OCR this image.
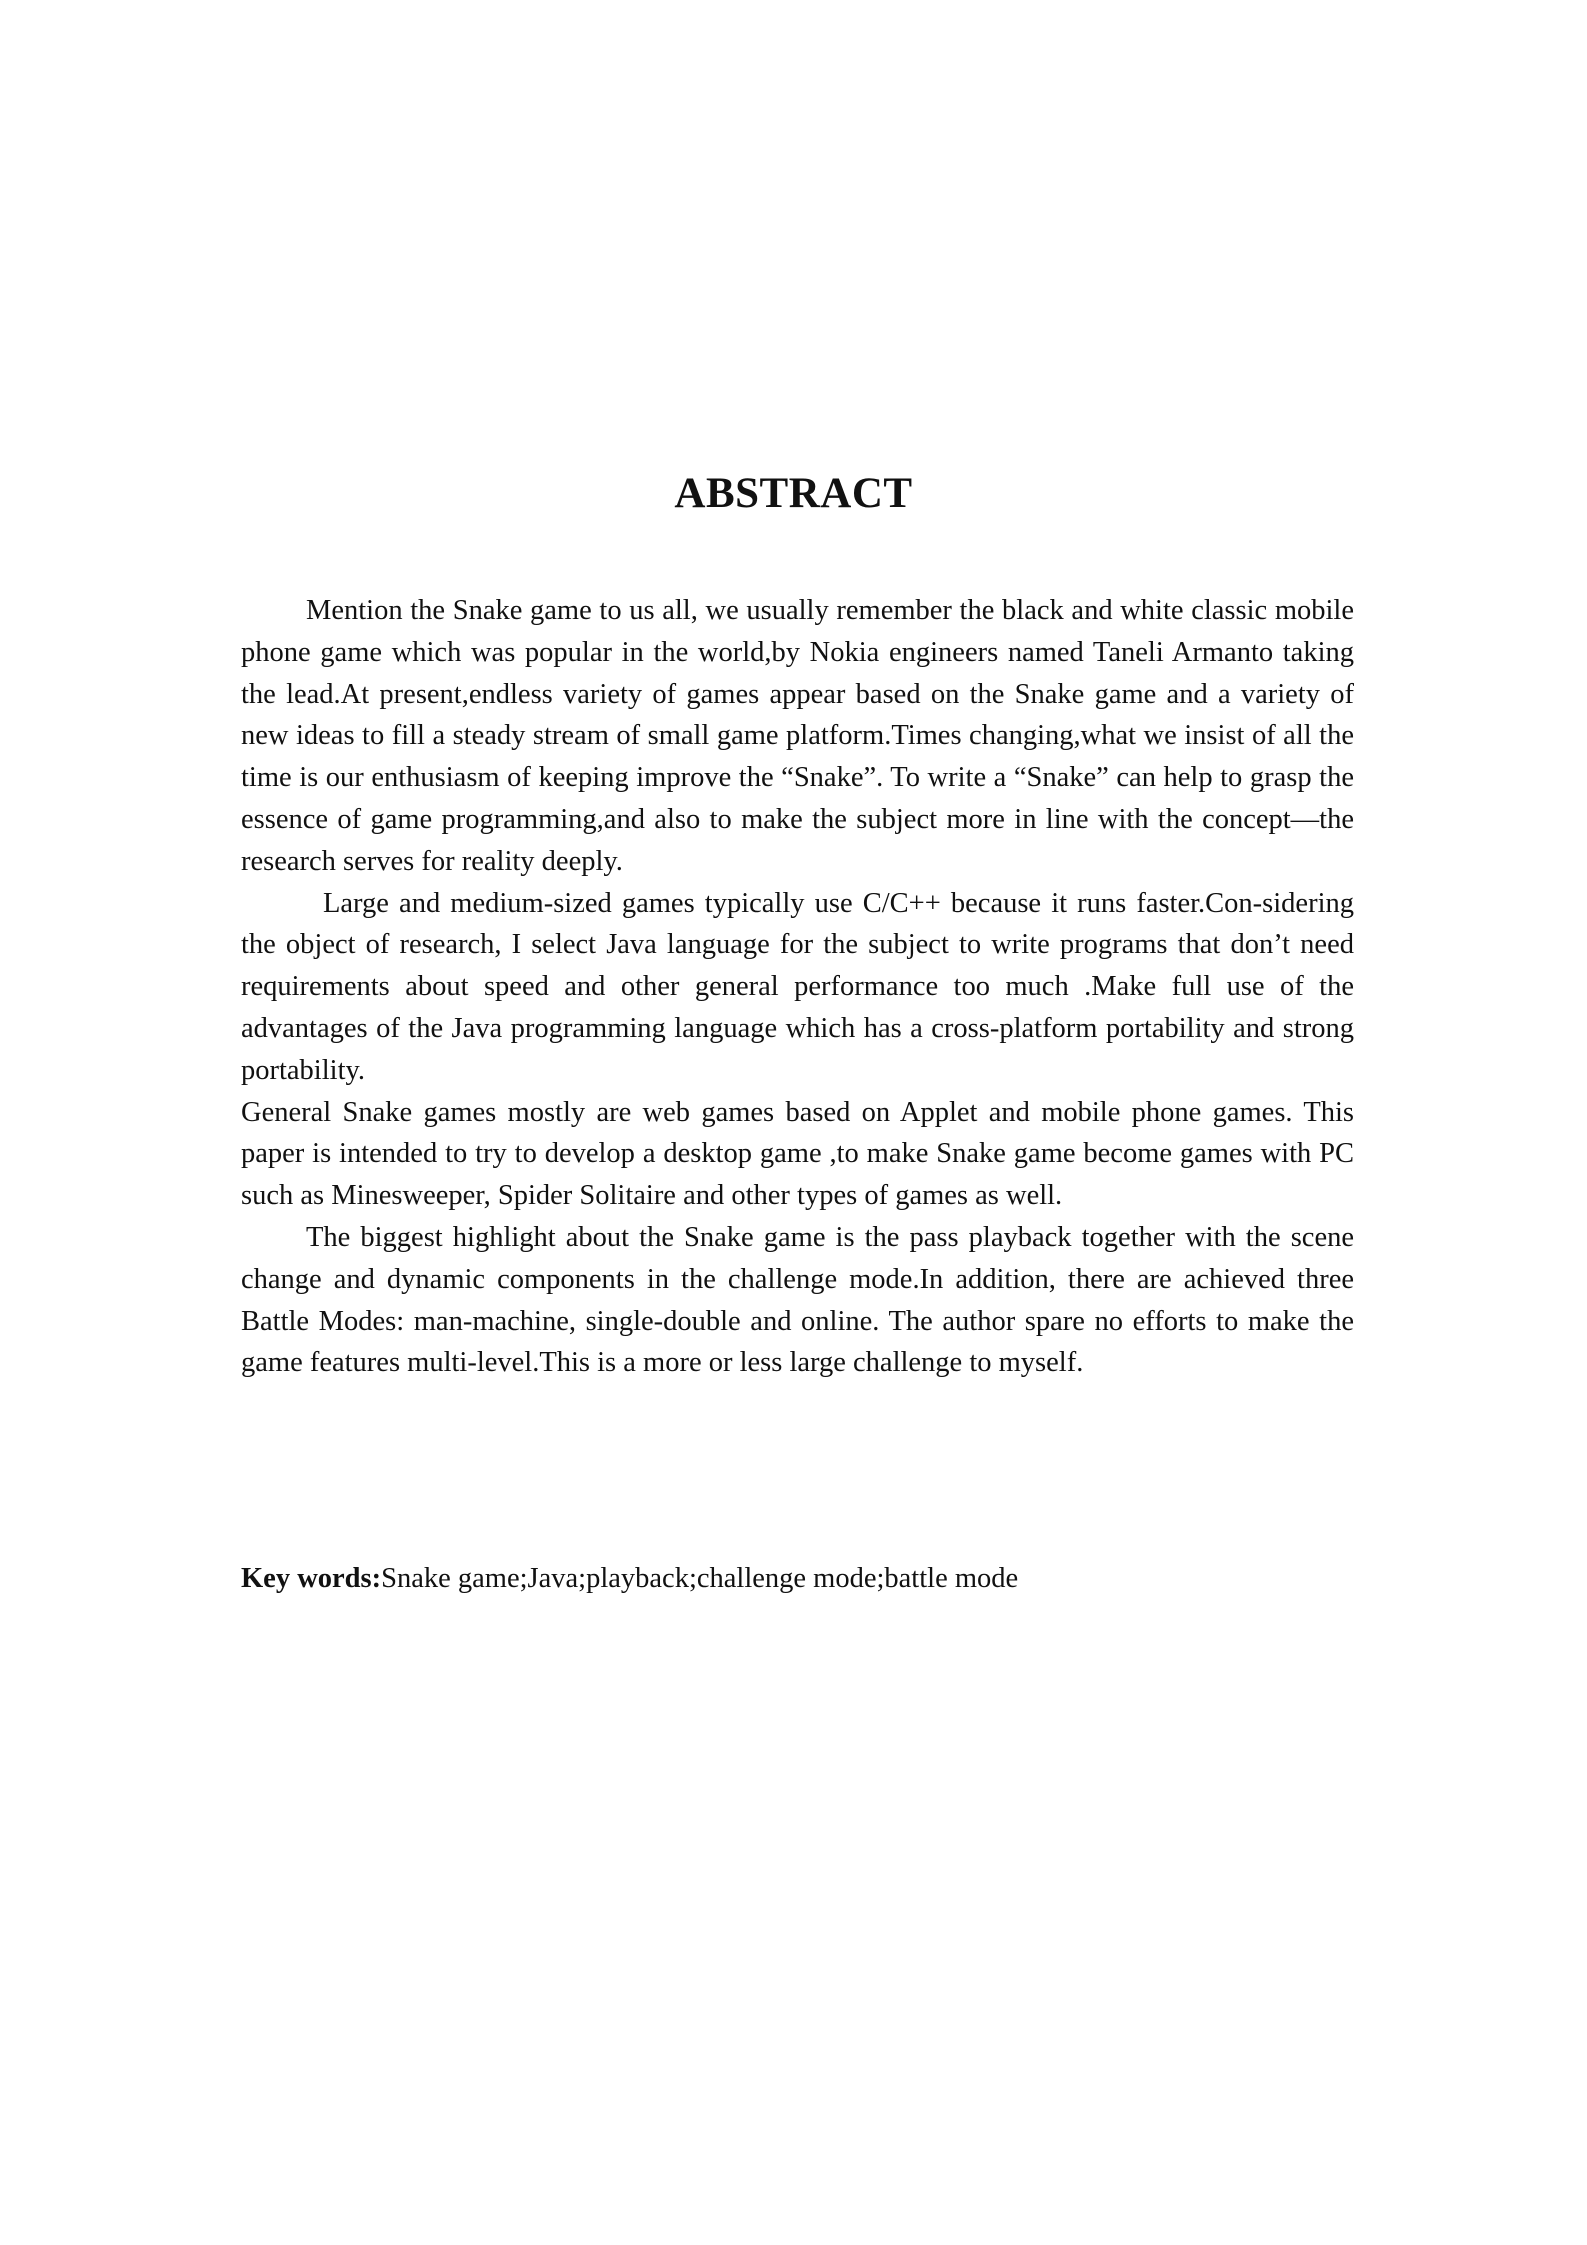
ABSTRACT

Mention the Snake game to us all, we usually remember the black and white classic mobile phone game which was popular in the world,by Nokia engineers named Taneli Armanto taking the lead.At present,endless variety of games appear based on the Snake game and a variety of new ideas to fill a steady stream of small game platform.Times changing,what we insist of all the time is our enthusiasm of keeping improve the “Snake”. To write a “Snake” can help to grasp the essence of game programming,and also to make the subject more in line with the concept—the research serves for reality deeply.

Large and medium-sized games typically use C/C++ because it runs faster.Con-sidering the object of research, I select Java language for the subject to write programs that don’t need requirements about speed and other general performance too much .Make full use of the advantages of the Java programming language which has a cross-platform portability and strong portability.

General Snake games mostly are web games based on Applet and mobile phone games. This paper is intended to try to develop a desktop game ,to make Snake game become games with PC such as Minesweeper, Spider Solitaire and other types of games as well.

The biggest highlight about the Snake game is the pass playback together with the scene change and dynamic components in the challenge mode.In addition, there are achieved three Battle Modes: man-machine, single-double and online. The author spare no efforts to make the game features multi-level.This is a more or less large challenge to myself.

Key words:Snake game;Java;playback;challenge mode;battle mode
